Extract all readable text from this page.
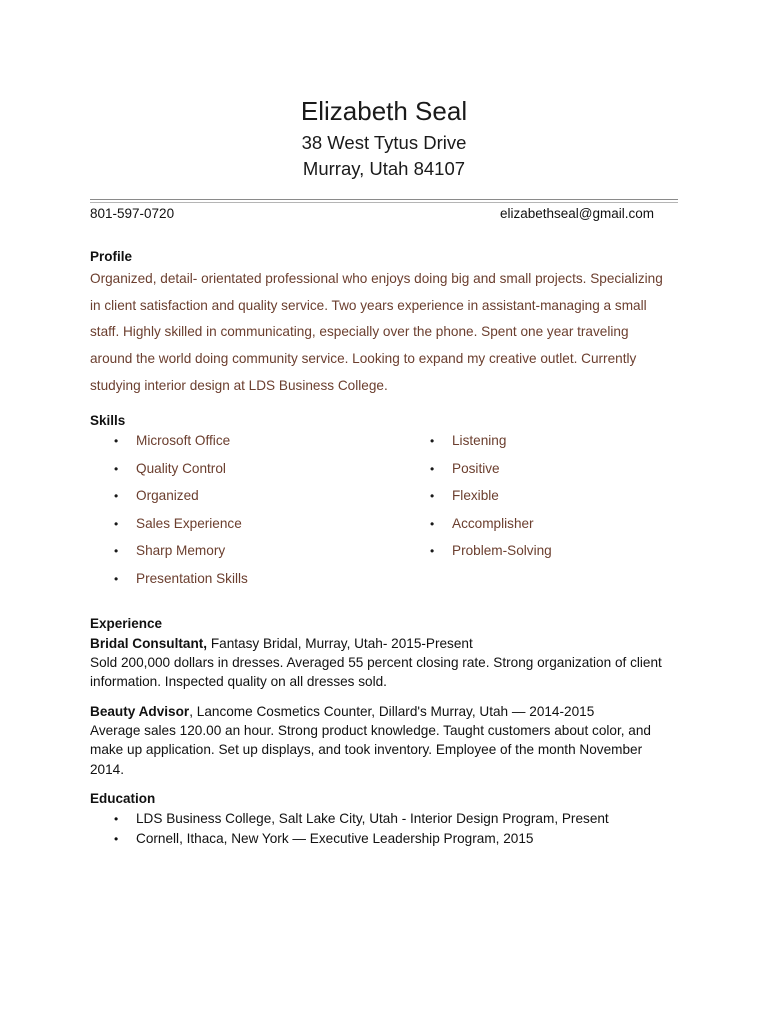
Elizabeth Seal
38 West Tytus Drive
Murray, Utah 84107
801-597-0720	elizabethseal@gmail.com
Profile
Organized, detail- orientated professional who enjoys doing big and small projects. Specializing
in client satisfaction and quality service. Two years experience in assistant-managing a small
staff. Highly skilled in communicating, especially over the phone. Spent one year traveling
around the world doing community service. Looking to expand my creative outlet. Currently
studying interior design at LDS Business College.
Skills
• Microsoft Office
• Quality Control
• Organized
• Sales Experience
• Sharp Memory
• Presentation Skills
• Listening
• Positive
• Flexible
• Accomplisher
• Problem-Solving
Experience
Bridal Consultant, Fantasy Bridal, Murray, Utah- 2015-Present
Sold 200,000 dollars in dresses. Averaged 55 percent closing rate. Strong organization of client
information. Inspected quality on all dresses sold.
Beauty Advisor, Lancome Cosmetics Counter, Dillard's Murray, Utah — 2014-2015
Average sales 120.00 an hour. Strong product knowledge. Taught customers about color, and
make up application. Set up displays, and took inventory. Employee of the month November
2014.
Education
• LDS Business College, Salt Lake City, Utah - Interior Design Program, Present
• Cornell, Ithaca, New York — Executive Leadership Program, 2015
